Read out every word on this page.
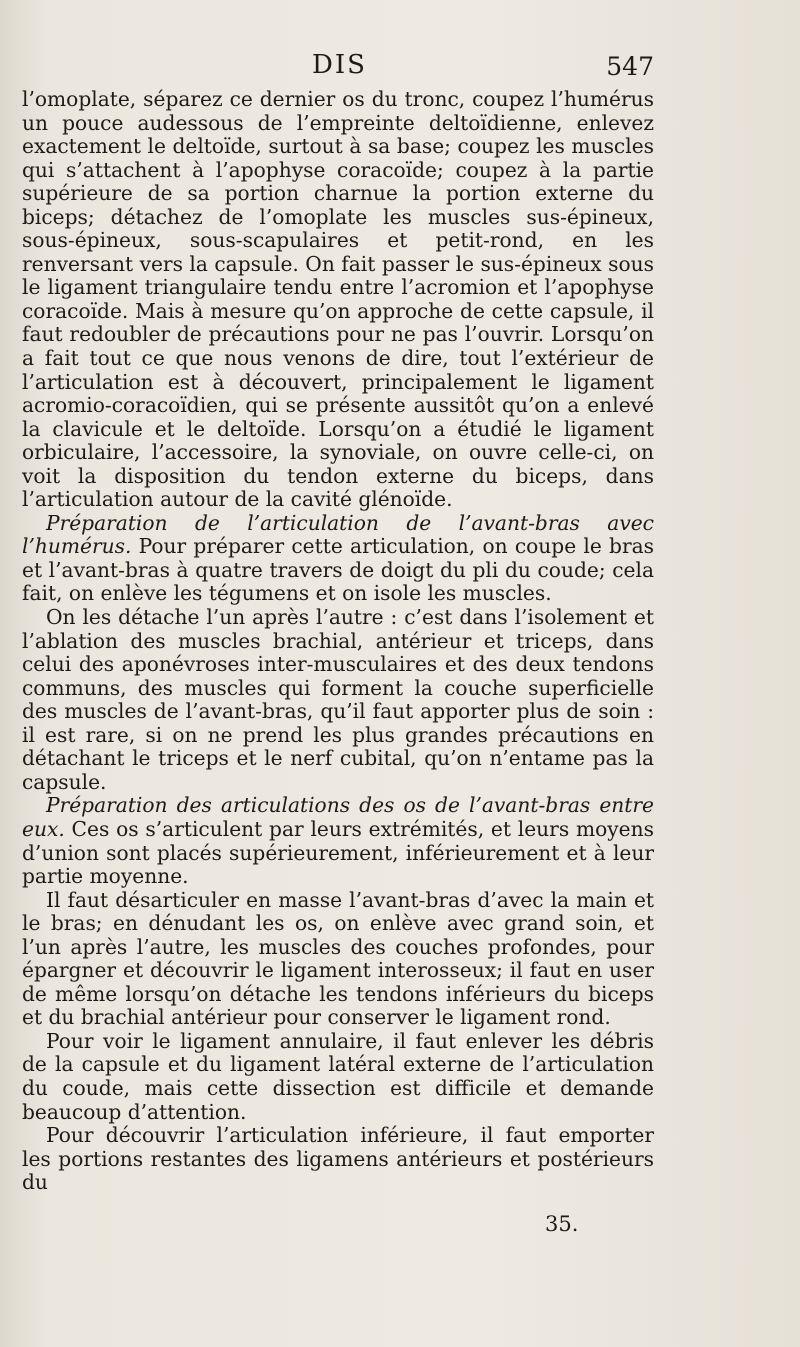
DIS	547

l’omoplate, séparez ce dernier os du tronc, coupez l’humérus un pouce audessous de l’empreinte deltoïdienne, enlevez exactement le deltoïde, surtout à sa base; coupez les muscles qui s’attachent à l’apophyse coracoïde; coupez à la partie supérieure de sa portion charnue la portion externe du biceps; détachez de l’omoplate les muscles sus-épineux, sous-épineux, sous-scapulaires et petit-rond, en les renversant vers la capsule. On fait passer le sus-épineux sous le ligament triangulaire tendu entre l’acromion et l’apophyse coracoïde. Mais à mesure qu’on approche de cette capsule, il faut redoubler de précautions pour ne pas l’ouvrir. Lorsqu’on a fait tout ce que nous venons de dire, tout l’extérieur de l’articulation est à découvert, principalement le ligament acromio-coracoïdien, qui se présente aussitôt qu’on a enlevé la clavicule et le deltoïde. Lorsqu’on a étudié le ligament orbiculaire, l’accessoire, la synoviale, on ouvre celle-ci, on voit la disposition du tendon externe du biceps, dans l’articulation autour de la cavité glénoïde.

Préparation de l’articulation de l’avant-bras avec l’humérus. Pour préparer cette articulation, on coupe le bras et l’avant-bras à quatre travers de doigt du pli du coude; cela fait, on enlève les tégumens et on isole les muscles.

On les détache l’un après l’autre : c’est dans l’isolement et l’ablation des muscles brachial, antérieur et triceps, dans celui des aponévroses inter-musculaires et des deux tendons communs, des muscles qui forment la couche superficielle des muscles de l’avant-bras, qu’il faut apporter plus de soin : il est rare, si on ne prend les plus grandes précautions en détachant le triceps et le nerf cubital, qu’on n’entame pas la capsule.

Préparation des articulations des os de l’avant-bras entre eux. Ces os s’articulent par leurs extrémités, et leurs moyens d’union sont placés supérieurement, inférieurement et à leur partie moyenne.

Il faut désarticuler en masse l’avant-bras d’avec la main et le bras; en dénudant les os, on enlève avec grand soin, et l’un après l’autre, les muscles des couches profondes, pour épargner et découvrir le ligament interosseux; il faut en user de même lorsqu’on détache les tendons inférieurs du biceps et du brachial antérieur pour conserver le ligament rond.

Pour voir le ligament annulaire, il faut enlever les débris de la capsule et du ligament latéral externe de l’articulation du coude, mais cette dissection est difficile et demande beaucoup d’attention.

Pour découvrir l’articulation inférieure, il faut emporter les portions restantes des ligamens antérieurs et postérieurs du

35.
